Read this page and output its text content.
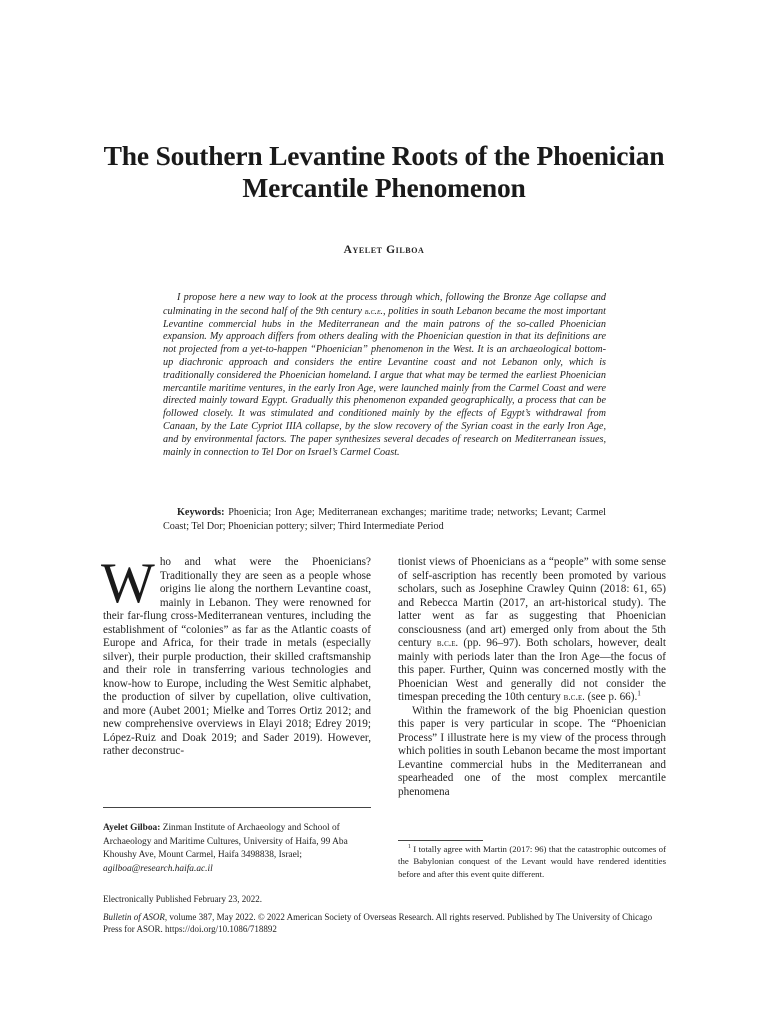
The Southern Levantine Roots of the Phoenician Mercantile Phenomenon
Ayelet Gilboa

I propose here a new way to look at the process through which, following the Bronze Age collapse and culminating in the second half of the 9th century b.c.e., polities in south Lebanon became the most important Levantine commercial hubs in the Mediterranean and the main patrons of the so-called Phoenician expansion. My approach differs from others dealing with the Phoenician question in that its definitions are not projected from a yet-to-happen “Phoenician” phenomenon in the West. It is an archaeological bottom-up diachronic approach and considers the entire Levantine coast and not Lebanon only, which is traditionally considered the Phoenician homeland. I argue that what may be termed the earliest Phoenician mercantile maritime ventures, in the early Iron Age, were launched mainly from the Carmel Coast and were directed mainly toward Egypt. Gradually this phenomenon expanded geographically, a process that can be followed closely. It was stimulated and conditioned mainly by the effects of Egypt’s withdrawal from Canaan, by the Late Cypriot IIIA collapse, by the slow recovery of the Syrian coast in the early Iron Age, and by environmental factors. The paper synthesizes several decades of research on Mediterranean issues, mainly in connection to Tel Dor on Israel’s Carmel Coast.

Keywords: Phoenicia; Iron Age; Mediterranean exchanges; maritime trade; networks; Levant; Carmel Coast; Tel Dor; Phoenician pottery; silver; Third Intermediate Period

Who and what were the Phoenicians? Traditionally they are seen as a people whose origins lie along the northern Levantine coast, mainly in Lebanon. They were renowned for their far-flung cross-Mediterranean ventures, including the establishment of “colonies” as far as the Atlantic coasts of Europe and Africa, for their trade in metals (especially silver), their purple production, their skilled craftsmanship and their role in transferring various technologies and know-how to Europe, including the West Semitic alphabet, the production of silver by cupellation, olive cultivation, and more (Aubet 2001; Mielke and Torres Ortiz 2012; and new comprehensive overviews in Elayi 2018; Edrey 2019; López-Ruiz and Doak 2019; and Sader 2019). However, rather deconstruc-

tionist views of Phoenicians as a “people” with some sense of self-ascription has recently been promoted by various scholars, such as Josephine Crawley Quinn (2018: 61, 65) and Rebecca Martin (2017, an art-historical study). The latter went as far as suggesting that Phoenician consciousness (and art) emerged only from about the 5th century b.c.e. (pp. 96–97). Both scholars, however, dealt mainly with periods later than the Iron Age—the focus of this paper. Further, Quinn was concerned mostly with the Phoenician West and generally did not consider the timespan preceding the 10th century b.c.e. (see p. 66).$^1$

Within the framework of the big Phoenician question this paper is very particular in scope. The “Phoenician Process” I illustrate here is my view of the process through which polities in south Lebanon became the most important Levantine commercial hubs in the Mediterranean and spearheaded one of the most complex mercantile phenomena

Ayelet Gilboa: Zinman Institute of Archaeology and School of Archaeology and Maritime Cultures, University of Haifa, 99 Aba Khoushy Ave, Mount Carmel, Haifa 3498838, Israel; agilboa@research.haifa.ac.il

$^1$ I totally agree with Martin (2017: 96) that the catastrophic outcomes of the Babylonian conquest of the Levant would have rendered identities before and after this event quite different.

Electronically Published February 23, 2022.
Bulletin of ASOR, volume 387, May 2022. © 2022 American Society of Overseas Research. All rights reserved. Published by The University of Chicago Press for ASOR. https://doi.org/10.1086/718892
